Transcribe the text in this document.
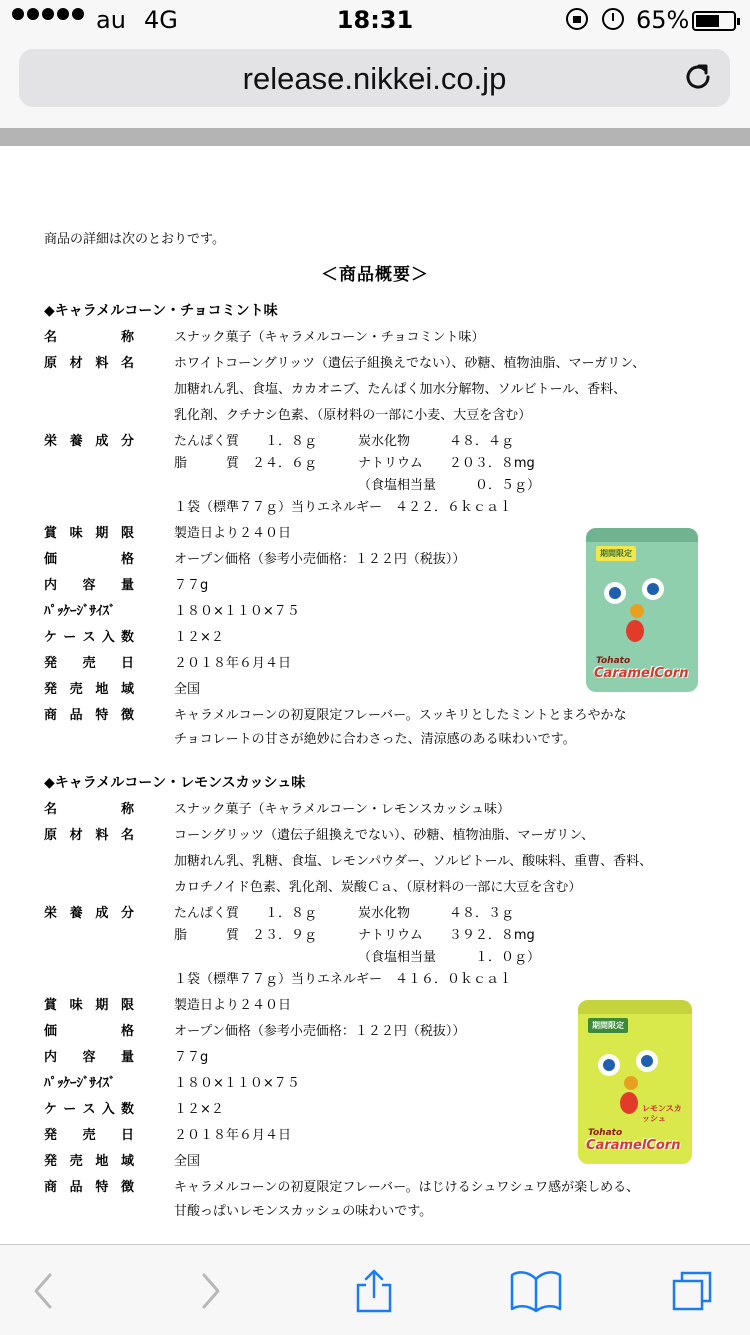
au 4G	18:31	65%
release.nikkei.co.jp
商品の詳細は次のとおりです。
＜商品概要＞
◆キャラメルコーン・チョコミント味
名	称	スナック菓子（キャラメルコーン・チョコミント味）
原 材 料 名	ホワイトコーングリッツ（遺伝子組換えでない）、砂糖、植物油脂、マーガリン、
加糖れん乳、食塩、カカオニブ、たんぱく加水分解物、ソルビトール、香料、
乳化剤、クチナシ色素、（原材料の一部に小麦、大豆を含む）
栄 養 成 分	たんぱく質　　１．８ｇ	炭水化物　　　４８．４ｇ
脂　　　質　２４．６ｇ	ナトリウム　　２０３．８mg
（食塩相当量　　　０．５ｇ）
１袋（標準７７ｇ）当りエネルギー　４２２．６ｋｃａｌ
賞 味 期 限	製造日より２４０日
価	格	オープン価格（参考小売価格：１２２円（税抜））
内 容 量	７７g
ﾊﾟｯｹｰｼﾞｻｲｽﾞ	１８０×１１０×７５
ケ ー ス 入 数	１２×２
発 売 日	２０１８年６月４日
発 売 地 域	全国
商 品 特 徴	キャラメルコーンの初夏限定フレーバー。スッキリとしたミントとまろやかな
チョコレートの甘さが絶妙に合わさった、清涼感のある味わいです。
期間限定
Tohato
CaramelCorn
◆キャラメルコーン・レモンスカッシュ味
名	称	スナック菓子（キャラメルコーン・レモンスカッシュ味）
原 材 料 名	コーングリッツ（遺伝子組換えでない）、砂糖、植物油脂、マーガリン、
加糖れん乳、乳糖、食塩、レモンパウダー、ソルビトール、酸味料、重曹、香料、
カロチノイド色素、乳化剤、炭酸Ｃａ、（原材料の一部に大豆を含む）
栄 養 成 分	たんぱく質　　１．８ｇ	炭水化物　　　４８．３ｇ
脂　　　質　２３．９ｇ	ナトリウム　　３９２．８mg
（食塩相当量　　　１．０ｇ）
１袋（標準７７ｇ）当りエネルギー　４１６．０ｋｃａｌ
賞 味 期 限	製造日より２４０日
価	格	オープン価格（参考小売価格：１２２円（税抜））
内 容 量	７７g
ﾊﾟｯｹｰｼﾞｻｲｽﾞ	１８０×１１０×７５
ケ ー ス 入 数	１２×２
発 売 日	２０１８年６月４日
発 売 地 域	全国
商 品 特 徴	キャラメルコーンの初夏限定フレーバー。はじけるシュワシュワ感が楽しめる、
甘酸っぱいレモンスカッシュの味わいです。
期間限定
レモンスカッシュ
Tohato
CaramelCorn
